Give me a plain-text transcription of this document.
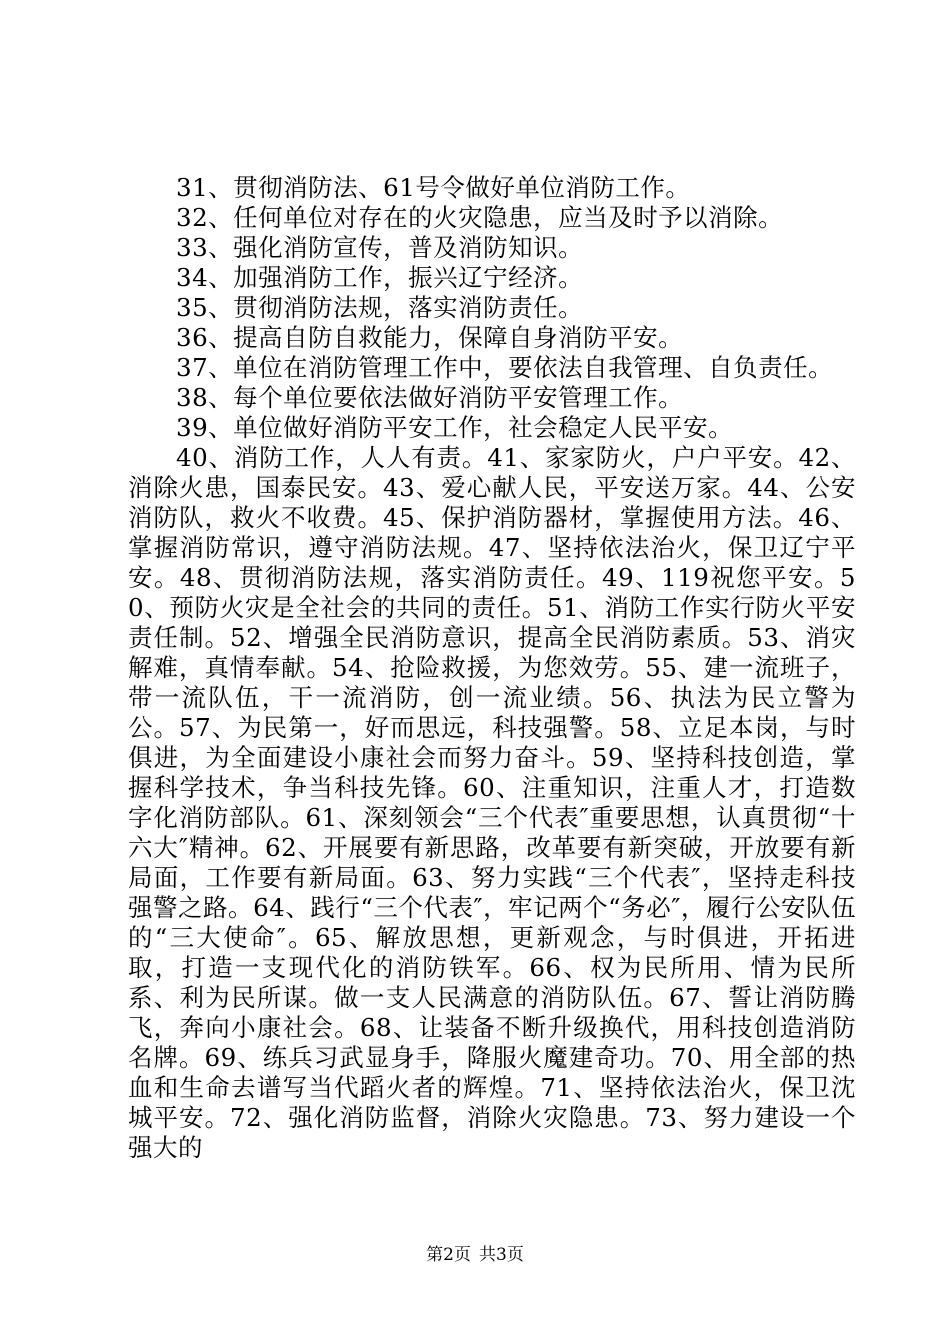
31、贯彻消防法、61号令做好单位消防工作。
32、任何单位对存在的火灾隐患，应当及时予以消除。
33、强化消防宣传，普及消防知识。
34、加强消防工作，振兴辽宁经济。
35、贯彻消防法规，落实消防责任。
36、提高自防自救能力，保障自身消防平安。
37、单位在消防管理工作中，要依法自我管理、自负责任。
38、每个单位要依法做好消防平安管理工作。
39、单位做好消防平安工作，社会稳定人民平安。

40、消防工作，人人有责。41、家家防火，户户平安。42、消除火患，国泰民安。43、爱心献人民，平安送万家。44、公安消防队，救火不收费。45、保护消防器材，掌握使用方法。46、掌握消防常识，遵守消防法规。47、坚持依法治火，保卫辽宁平安。48、贯彻消防法规，落实消防责任。49、119祝您平安。50、预防火灾是全社会的共同的责任。51、消防工作实行防火平安责任制。52、增强全民消防意识，提高全民消防素质。53、消灾解难，真情奉献。54、抢险救援，为您效劳。55、建一流班子，带一流队伍，干一流消防，创一流业绩。56、执法为民立警为公。57、为民第一，好而思远，科技强警。58、立足本岗，与时俱进，为全面建设小康社会而努力奋斗。59、坚持科技创造，掌握科学技术，争当科技先锋。60、注重知识，注重人才，打造数字化消防部队。61、深刻领会“三个代表″重要思想，认真贯彻“十六大″精神。62、开展要有新思路，改革要有新突破，开放要有新局面，工作要有新局面。63、努力实践“三个代表″，坚持走科技强警之路。64、践行“三个代表″，牢记两个“务必″，履行公安队伍的“三大使命″。65、解放思想，更新观念，与时俱进，开拓进取，打造一支现代化的消防铁军。66、权为民所用、情为民所系、利为民所谋。做一支人民满意的消防队伍。67、誓让消防腾飞，奔向小康社会。68、让装备不断升级换代，用科技创造消防名牌。69、练兵习武显身手，降服火魔建奇功。70、用全部的热血和生命去谱写当代蹈火者的辉煌。71、坚持依法治火，保卫沈城平安。72、强化消防监督，消除火灾隐患。73、努力建设一个强大的

第2页 共3页
